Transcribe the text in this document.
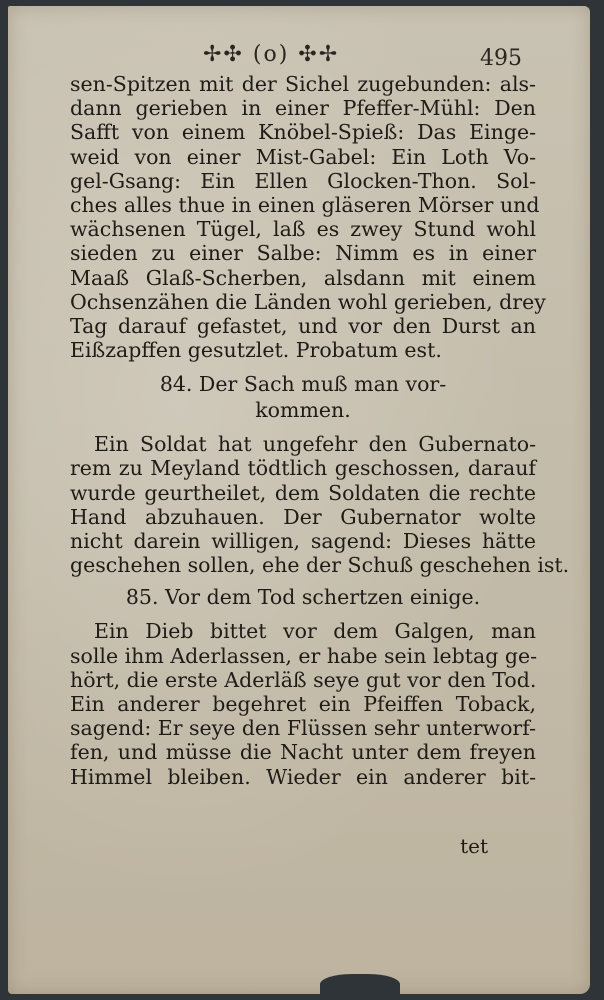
✢✣ (o) ✣✢	495
sen-Spitzen mit der Sichel zugebunden: als-
dann gerieben in einer Pfeffer-Mühl: Den
Safft von einem Knöbel-Spieß: Das Einge-
weid von einer Mist-Gabel: Ein Loth Vo-
gel-Gsang: Ein Ellen Glocken-Thon. Sol-
ches alles thue in einen gläseren Mörser und
wächsenen Tügel, laß es zwey Stund wohl
sieden zu einer Salbe: Nimm es in einer
Maaß Glaß-Scherben, alsdann mit einem
Ochsenzähen die Länden wohl gerieben, drey
Tag darauf gefastet, und vor den Durst an
Eißzapffen gesutzlet. Probatum est.
84. Der Sach muß man vor-
kommen.
Ein Soldat hat ungefehr den Gubernato-
rem zu Meyland tödtlich geschossen, darauf
wurde geurtheilet, dem Soldaten die rechte
Hand abzuhauen. Der Gubernator wolte
nicht darein willigen, sagend: Dieses hätte
geschehen sollen, ehe der Schuß geschehen ist.
85. Vor dem Tod schertzen einige.
Ein Dieb bittet vor dem Galgen, man
solle ihm Aderlassen, er habe sein lebtag ge-
hört, die erste Aderläß seye gut vor den Tod.
Ein anderer begehret ein Pfeiffen Toback,
sagend: Er seye den Flüssen sehr unterworf-
fen, und müsse die Nacht unter dem freyen
Himmel bleiben. Wieder ein anderer bit-
tet
